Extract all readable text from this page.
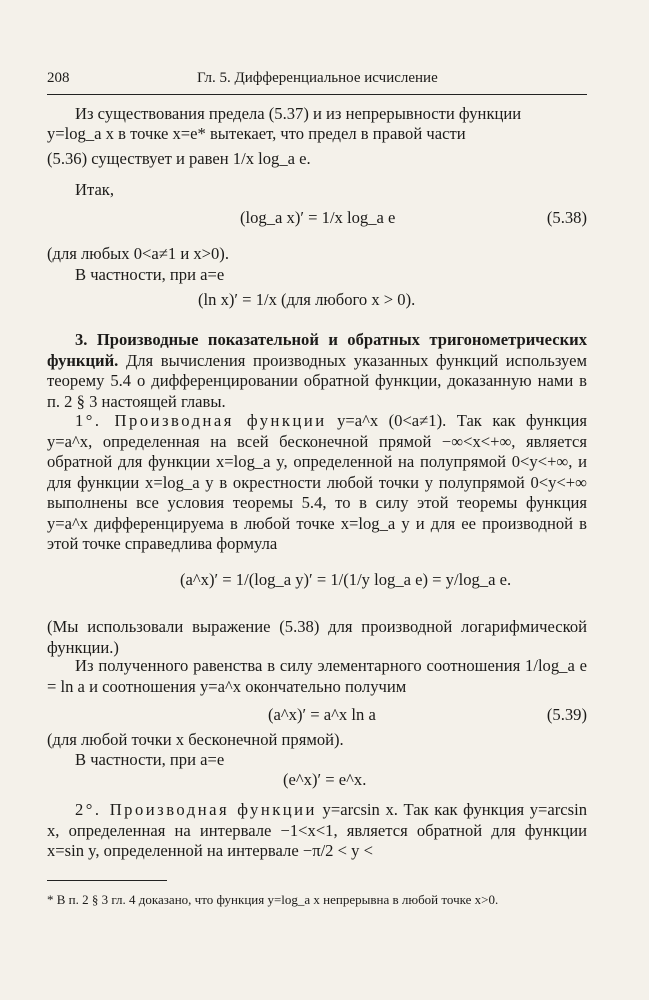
208	Гл. 5. Дифференциальное исчисление
Из существования предела (5.37) и из непрерывности функции
y=log_a x в точке x=e* вытекает, что предел в правой части
(5.36) существует и равен 1/x log_a e.
Итак,
(log_a x)′ = 1/x log_a e	(5.38)
(для любых 0<a≠1 и x>0).
В частности, при a=e
(ln x)′ = 1/x (для любого x > 0).
3. Производные показательной и обратных тригонометрических функций. Для вычисления производных указанных функций используем теорему 5.4 о дифференцировании обратной функции, доказанную нами в п. 2 § 3 настоящей главы.
1°. Производная функции y=a^x (0<a≠1). Так как функция y=a^x, определенная на всей бесконечной прямой −∞<x<+∞, является обратной для функции x=log_a y, определенной на полупрямой 0<y<+∞, и для функции x=log_a y в окрестности любой точки y полупрямой 0<y<+∞ выполнены все условия теоремы 5.4, то в силу этой теоремы функция y=a^x дифференцируема в любой точке x=log_a y и для ее производной в этой точке справедлива формула
(a^x)′ = 1/(log_a y)′ = 1/(1/y log_a e) = y/log_a e.
(Мы использовали выражение (5.38) для производной логарифмической функции.)
Из полученного равенства в силу элементарного соотношения 1/log_a e = ln a и соотношения y=a^x окончательно получим
(a^x)′ = a^x ln a	(5.39)
(для любой точки x бесконечной прямой).
В частности, при a=e
(e^x)′ = e^x.
2°. Производная функции y=arcsin x. Так как функция y=arcsin x, определенная на интервале −1<x<1, является обратной для функции x=sin y, определенной на интервале −π/2 < y <
* В п. 2 § 3 гл. 4 доказано, что функция y=log_a x непрерывна в любой точке x>0.
